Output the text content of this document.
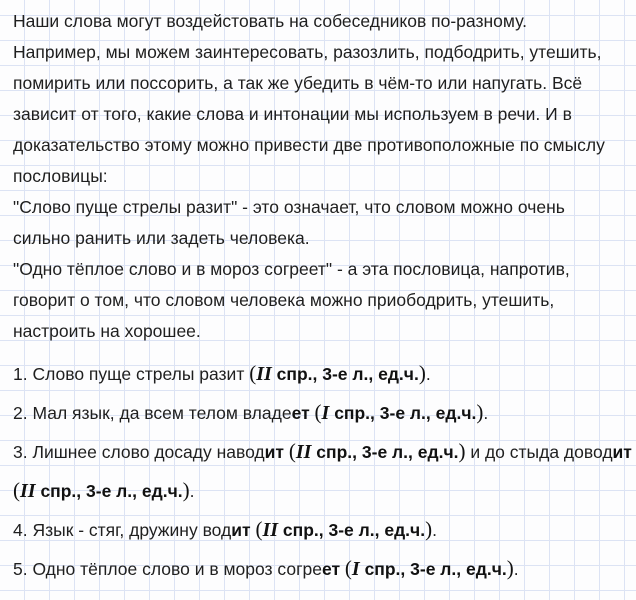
Наши слова могут воздейстовать на собеседников по-разному.
Например, мы можем заинтересовать, разозлить, подбодрить, утешить,
помирить или поссорить, а так же убедить в чём-то или напугать. Всё
зависит от того, какие слова и интонации мы используем в речи. И в
доказательство этому можно привести две противоположные по смыслу
пословицы:
"Слово пуще стрелы разит" - это означает, что словом можно очень
сильно ранить или задеть человека.
"Одно тёплое слово и в мороз согреет" - а эта пословица, напротив,
говорит о том, что словом человека можно приободрить, утешить,
настроить на хорошее.
1. Слово пуще стрелы разит (II спр., 3-е л., ед.ч.).
2. Мал язык, да всем телом владеет (I спр., 3-е л., ед.ч.).
3. Лишнее слово досаду наводит (II спр., 3-е л., ед.ч.) и до стыда доводит
(II спр., 3-е л., ед.ч.).
4. Язык - стяг, дружину водит (II спр., 3-е л., ед.ч.).
5. Одно тёплое слово и в мороз согреет (I спр., 3-е л., ед.ч.).
